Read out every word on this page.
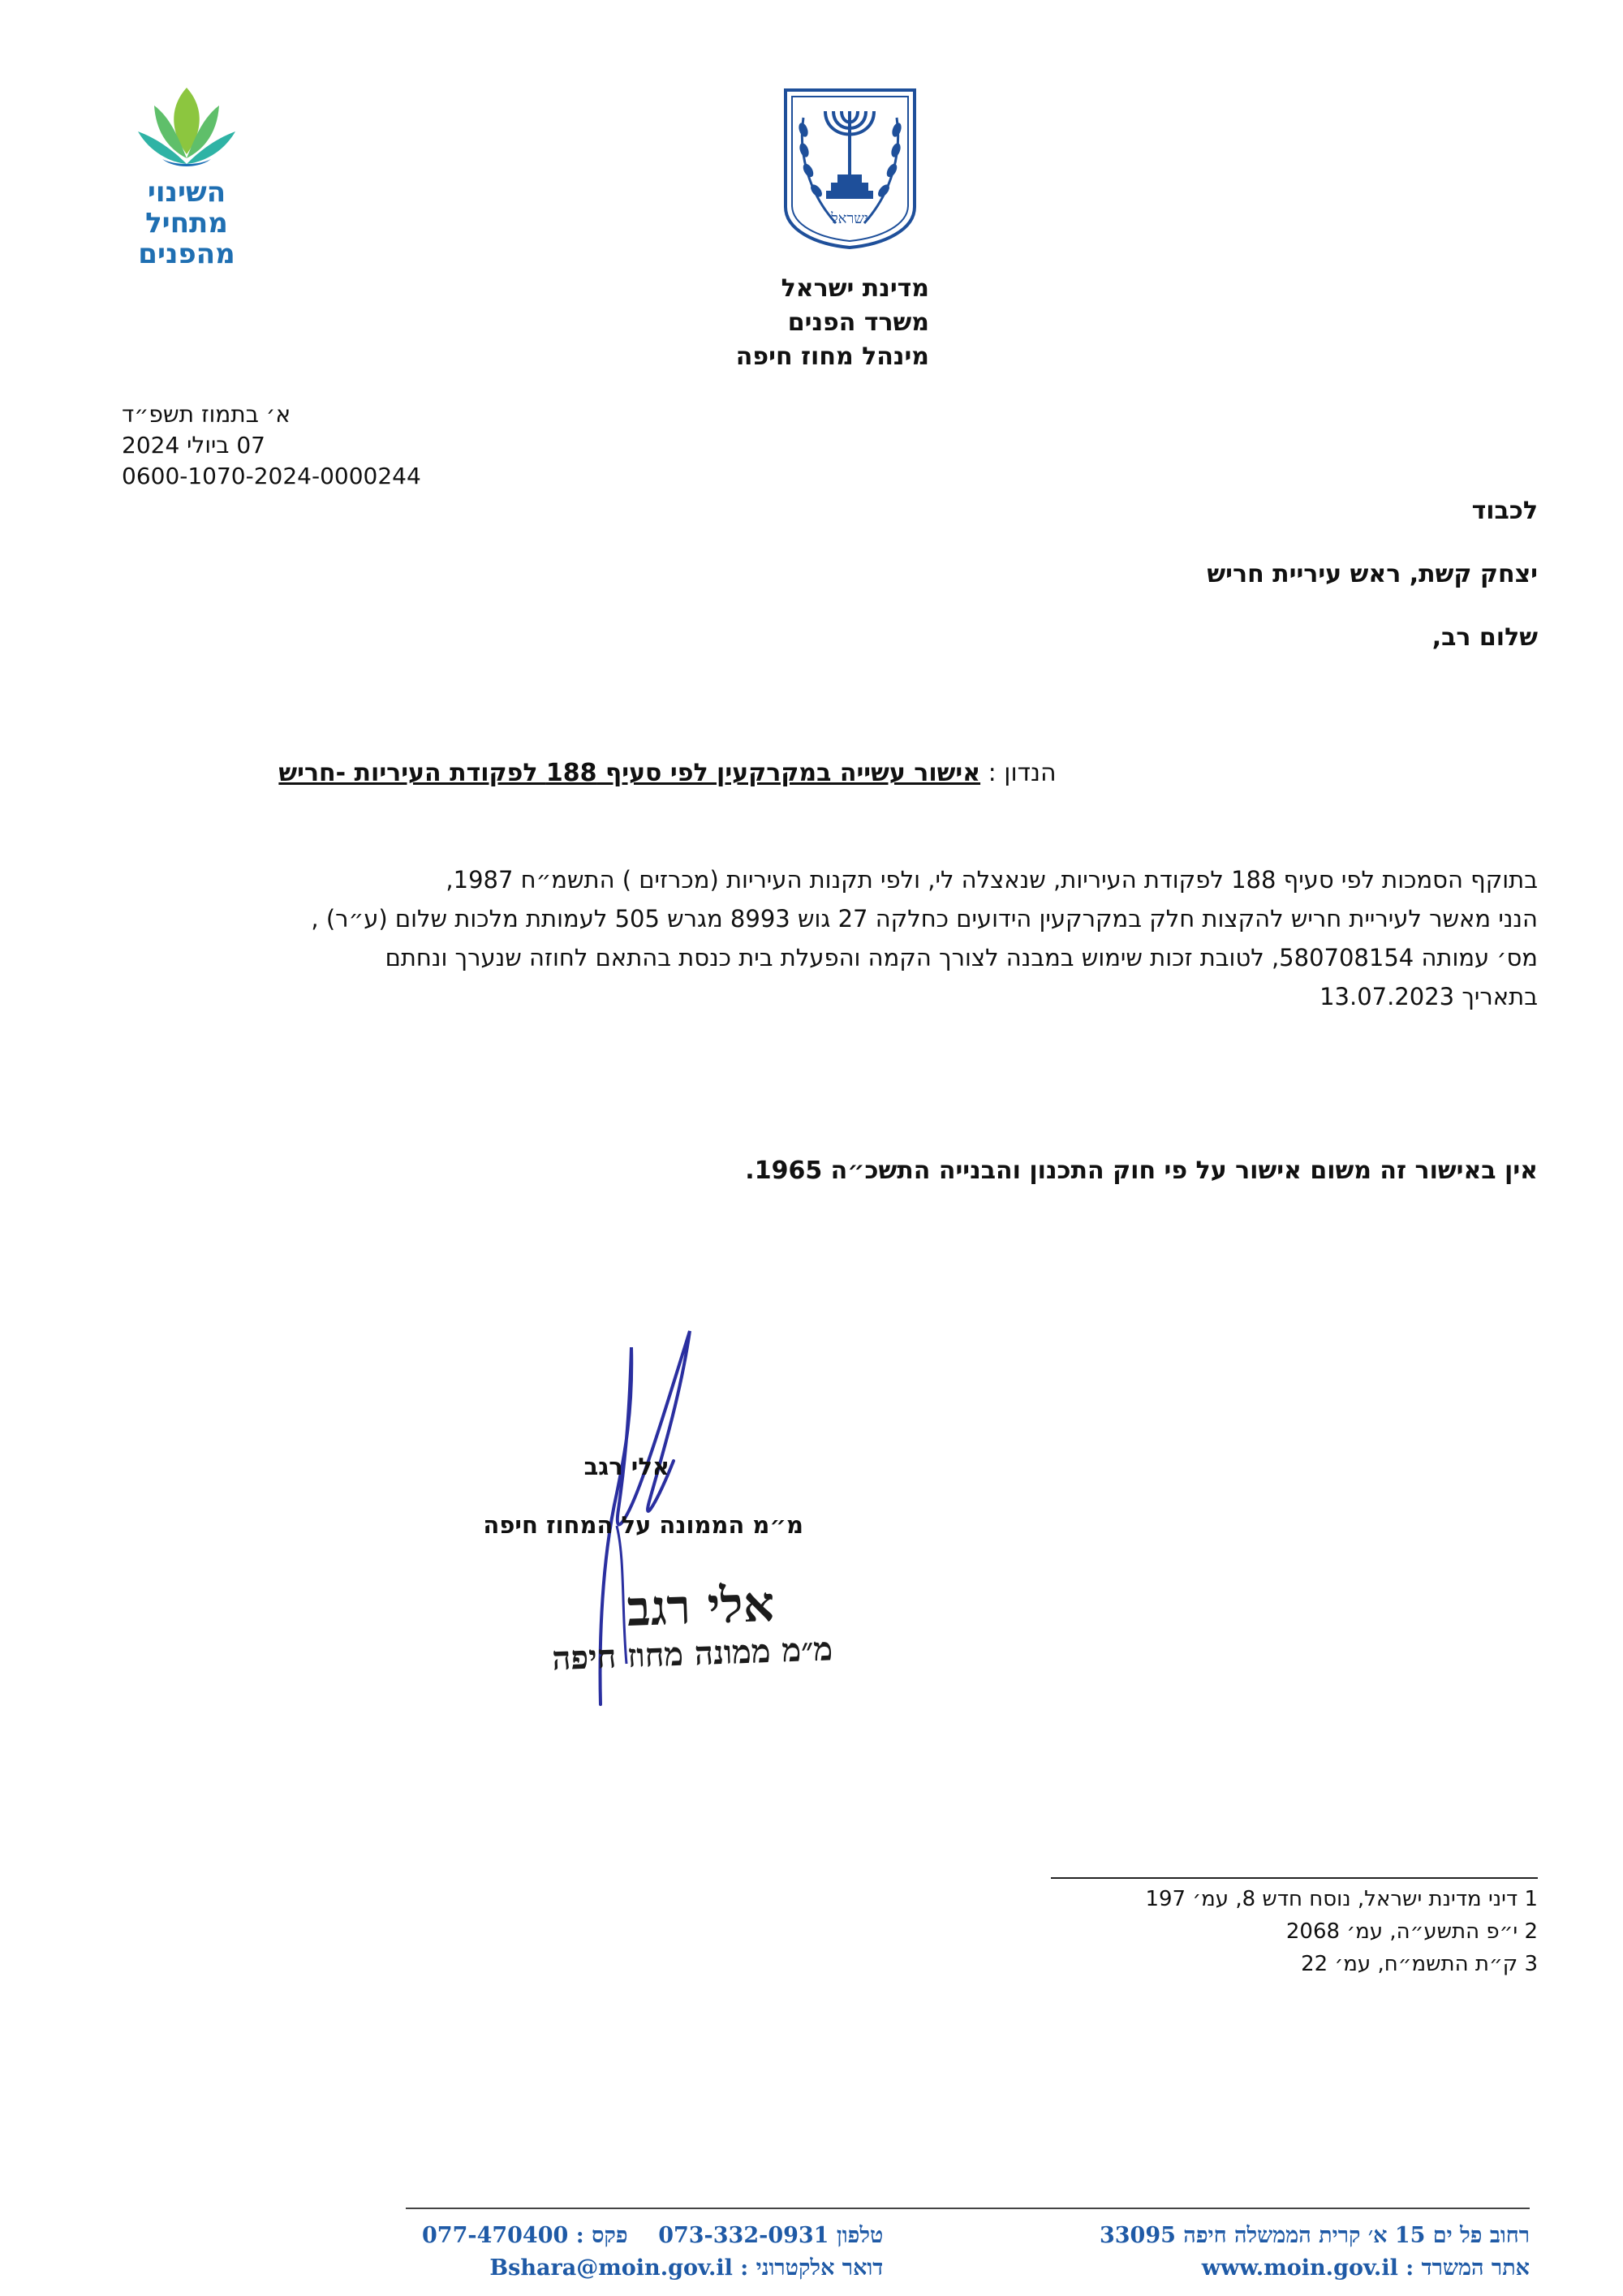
השינוי
מתחיל
מהפנים
ישראל
מדינת ישראל
משרד הפנים
מינהל מחוז חיפה
א׳ בתמוז תשפ״ד
07 ביולי 2024
0600-1070-2024-0000244
לכבוד
יצחק קשת, ראש עיריית חריש
שלום רב,
הנדון : אישור עשייה במקרקעין לפי סעיף 188 לפקודת העיריות -חריש

בתוקף הסמכות לפי סעיף 188 לפקודת העיריות, שנאצלה לי, ולפי תקנות העיריות (מכרזים ) התשמ״ח 1987,

הנני מאשר לעיריית חריש להקצות חלק במקרקעין הידועים כחלקה 27 גוש 8993 מגרש 505 לעמותת מלכות שלום (ע״ר) ,

מס׳ עמותה 580708154, לטובת זכות שימוש במבנה לצורך הקמה והפעלת בית כנסת בהתאם לחוזה שנערך ונחתם

בתאריך 13.07.2023

אין באישור זה משום אישור על פי חוק התכנון והבנייה התשכ״ה 1965.
אלי רגב
מ״מ הממונה על המחוז חיפה
אלי רגב
מ״מ ממונה מחוז חיפה
1 דיני מדינת ישראל, נוסח חדש 8, עמ׳ 197
2 י״פ התשע״ה, עמ׳ 2068
3 ק״ת התשמ״ח, עמ׳ 22
רחוב פל ים 15 א׳ קרית הממשלה חיפה 33095
אתר המשרד : www.moin.gov.il
טלפון 073-332-0931    פקס : 077-470400
דואר אלקטרוני : Bshara@moin.gov.il
